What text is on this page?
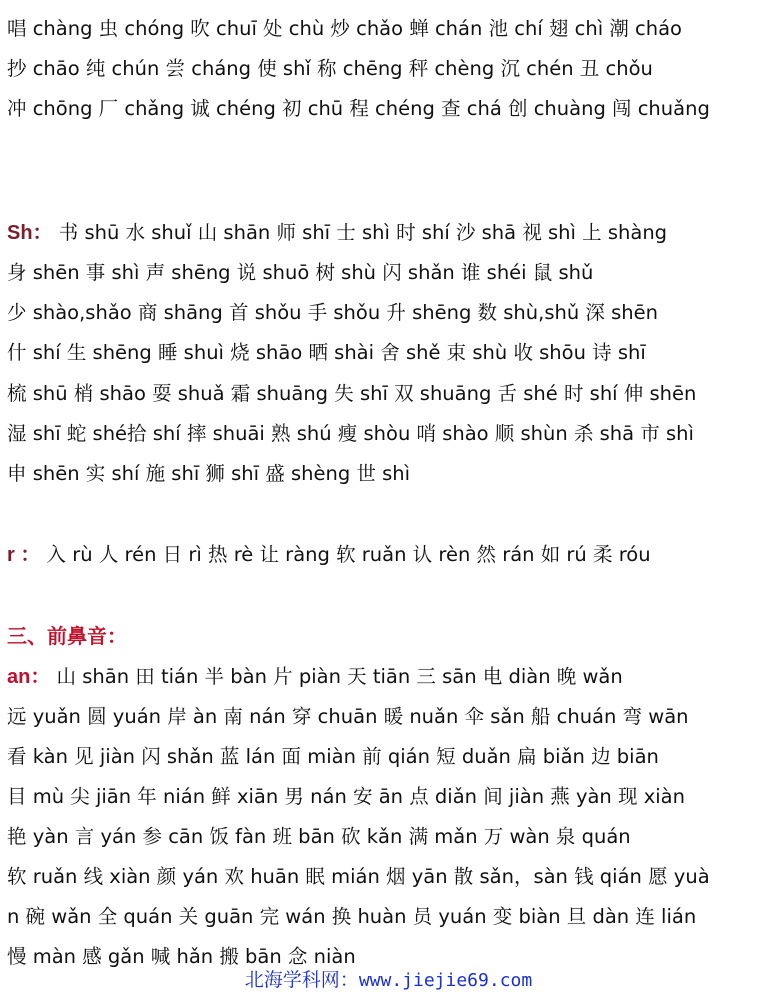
唱 chàng 虫 chóng 吹 chuī 处 chù 炒 chǎo 蝉 chán 池 chí 翅 chì 潮 cháo
抄 chāo 纯 chún 尝 cháng 使 shǐ 称 chēng 秤 chèng 沉 chén 丑 chǒu
冲 chōng 厂 chǎng 诚 chéng 初 chū 程 chéng 查 chá 创 chuàng 闯 chuǎng
Sh： 书 shū 水 shuǐ 山 shān 师 shī 士 shì 时 shí 沙 shā 视 shì 上 shàng
身 shēn 事 shì 声 shēng 说 shuō 树 shù 闪 shǎn 谁 shéi 鼠 shǔ
少 shào,shǎo 商 shāng 首 shǒu 手 shǒu 升 shēng 数 shù,shǔ 深 shēn
什 shí 生 shēng 睡 shuì 烧 shāo 晒 shài 舍 shě 束 shù 收 shōu 诗 shī
梳 shū 梢 shāo 耍 shuǎ 霜 shuāng 失 shī 双 shuāng 舌 shé 时 shí 伸 shēn
湿 shī 蛇 shé拾 shí 摔 shuāi 熟 shú 瘦 shòu 哨 shào 顺 shùn 杀 shā 市 shì
申 shēn 实 shí 施 shī 狮 shī 盛 shèng 世 shì
r ： 入 rù 人 rén 日 rì 热 rè 让 ràng 软 ruǎn 认 rèn 然 rán 如 rú 柔 róu
三、前鼻音：
an： 山 shān 田 tián 半 bàn 片 piàn 天 tiān 三 sān 电 diàn 晚 wǎn
远 yuǎn 圆 yuán 岸 àn 南 nán 穿 chuān 暖 nuǎn 伞 sǎn 船 chuán 弯 wān
看 kàn 见 jiàn 闪 shǎn 蓝 lán 面 miàn 前 qián 短 duǎn 扁 biǎn 边 biān
目 mù 尖 jiān 年 nián 鲜 xiān 男 nán 安 ān 点 diǎn 间 jiàn 燕 yàn 现 xiàn
艳 yàn 言 yán 参 cān 饭 fàn 班 bān 砍 kǎn 满 mǎn 万 wàn 泉 quán
软 ruǎn 线 xiàn 颜 yán 欢 huān 眠 mián 烟 yān 散 sǎn，sàn 钱 qián 愿 yuà
n 碗 wǎn 全 quán 关 guān 完 wán 换 huàn 员 yuán 变 biàn 旦 dàn 连 lián
慢 màn 感 gǎn 喊 hǎn 搬 bān 念 niàn
北海学科网：www.jiejie69.com
